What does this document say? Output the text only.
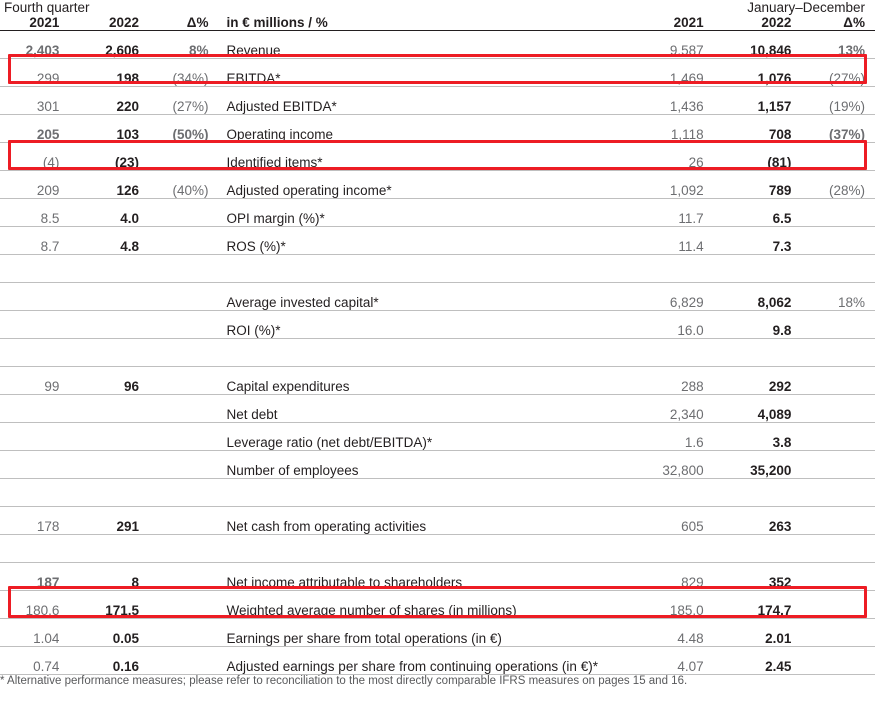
Fourth quarter				January–December		
2021	2022	Δ%	in € millions / %	2021	2022	Δ%
2,403	2,606	8%	Revenue	9,587	10,846	13%
299	198	(34%)	EBITDA*	1,469	1,076	(27%)
301	220	(27%)	Adjusted EBITDA*	1,436	1,157	(19%)
205	103	(50%)	Operating income	1,118	708	(37%)
(4)	(23)		Identified items*	26	(81)	
209	126	(40%)	Adjusted operating income*	1,092	789	(28%)
8.5	4.0		OPI margin (%)*	11.7	6.5	
8.7	4.8		ROS (%)*	11.4	7.3	

			Average invested capital*	6,829	8,062	18%
			ROI (%)*	16.0	9.8	

99	96		Capital expenditures	288	292	
			Net debt	2,340	4,089	
			Leverage ratio (net debt/EBITDA)*	1.6	3.8	
			Number of employees	32,800	35,200	

178	291		Net cash from operating activities	605	263	

187	8		Net income attributable to shareholders	829	352	
180.6	171.5		Weighted average number of shares (in millions)	185.0	174.7	
1.04	0.05		Earnings per share from total operations (in €)	4.48	2.01	
0.74	0.16		Adjusted earnings per share from continuing operations (in €)*	4.07	2.45	
* Alternative performance measures; please refer to reconciliation to the most directly comparable IFRS measures on pages 15 and 16.						
